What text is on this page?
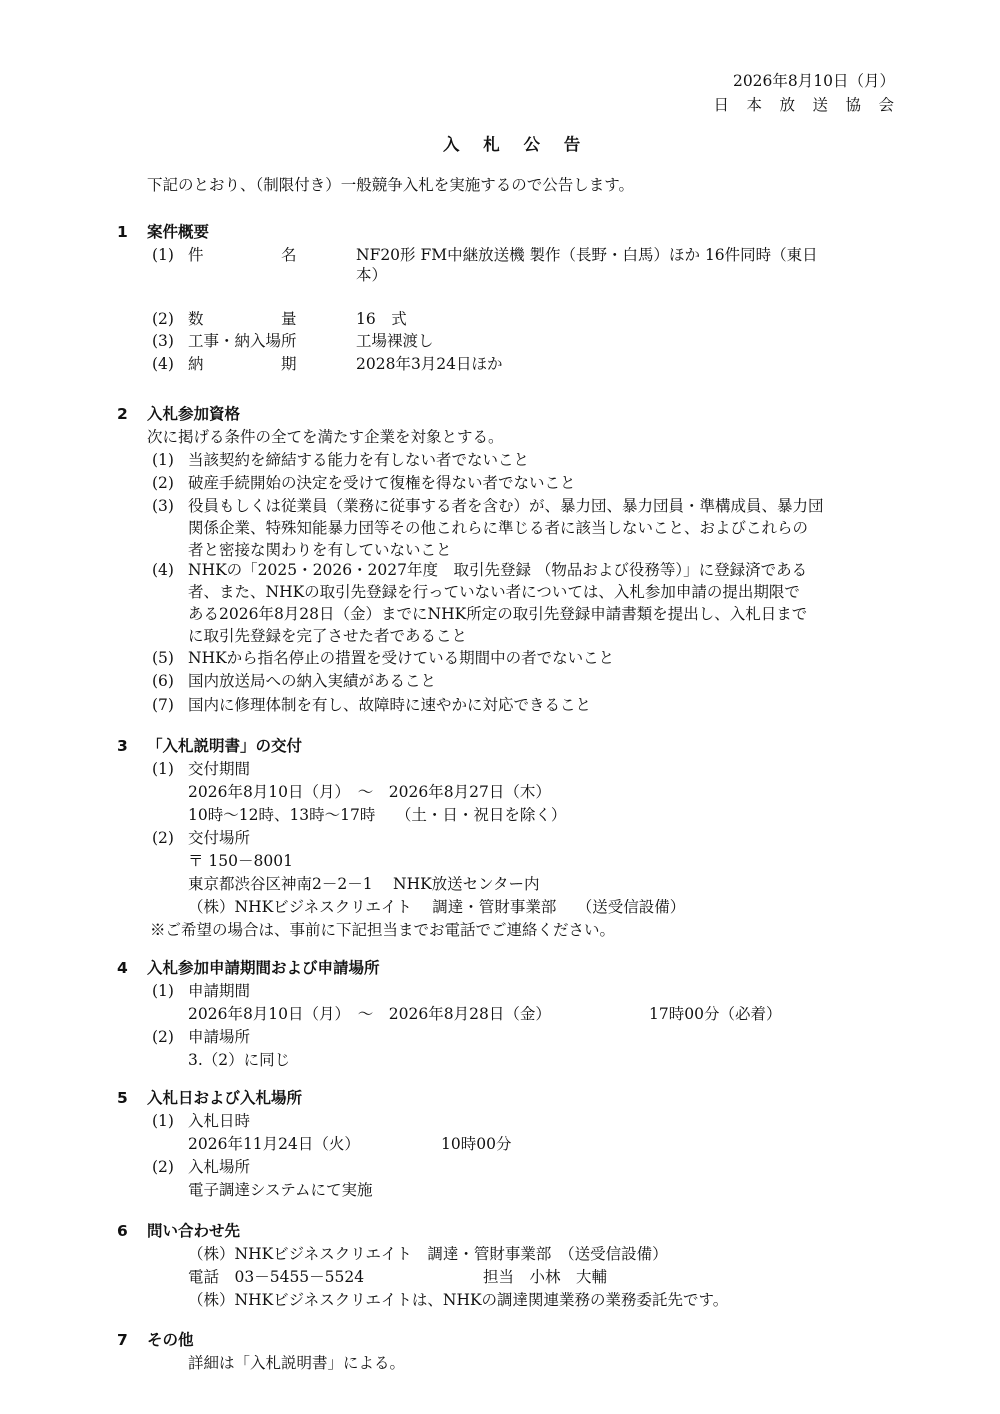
2026年8月10日（月）
日　本　放　送　協　会
入 札 公 告
下記のとおり、（制限付き）一般競争入札を実施するので公告します。
1 案件概要
(1) 件　　　　　名	NF20形 FM中継放送機 製作（長野・白馬）ほか 16件同時（東日
本）
(2) 数　　　　　量	16　式
(3) 工事・納入場所	工場裸渡し
(4) 納　　　　　期	2028年3月24日ほか
2 入札参加資格
次に掲げる条件の全てを満たす企業を対象とする。
(1) 当該契約を締結する能力を有しない者でないこと
(2) 破産手続開始の決定を受けて復権を得ない者でないこと
(3) 役員もしくは従業員（業務に従事する者を含む）が、暴力団、暴力団員・準構成員、暴力団
関係企業、特殊知能暴力団等その他これらに準じる者に該当しないこと、およびこれらの
者と密接な関わりを有していないこと
(4) NHKの「2025・2026・2027年度　取引先登録 （物品および役務等）」に登録済である
者、また、NHKの取引先登録を行っていない者については、入札参加申請の提出期限で
ある2026年8月28日（金）までにNHK所定の取引先登録申請書類を提出し、入札日まで
に取引先登録を完了させた者であること
(5) NHKから指名停止の措置を受けている期間中の者でないこと
(6) 国内放送局への納入実績があること
(7) 国内に修理体制を有し、故障時に速やかに対応できること
3 「入札説明書」の交付
(1) 交付期間
2026年8月10日（月）　～　2026年8月27日（木）
10時～12時、13時～17時　 （土・日・祝日を除く）
(2) 交付場所
〒 150－8001
東京都渋谷区神南2－2－1　 NHK放送センター内
（株）NHKビジネスクリエイト　 調達・管財事業部　 （送受信設備）
※ご希望の場合は、事前に下記担当までお電話でご連絡ください。
4 入札参加申請期間および申請場所
(1) 申請期間
2026年8月10日（月）　～　2026年8月28日（金）	17時00分（必着）
(2) 申請場所
3.（2）に同じ
5 入札日および入札場所
(1) 入札日時
2026年11月24日（火）	10時00分
(2) 入札場所
電子調達システムにて実施
6 問い合わせ先
（株）NHKビジネスクリエイト　調達・管財事業部　（送受信設備）
電話　03－5455－5524	担当　小林　大輔
（株）NHKビジネスクリエイトは、NHKの調達関連業務の業務委託先です。
7 その他
詳細は「入札説明書」による。
